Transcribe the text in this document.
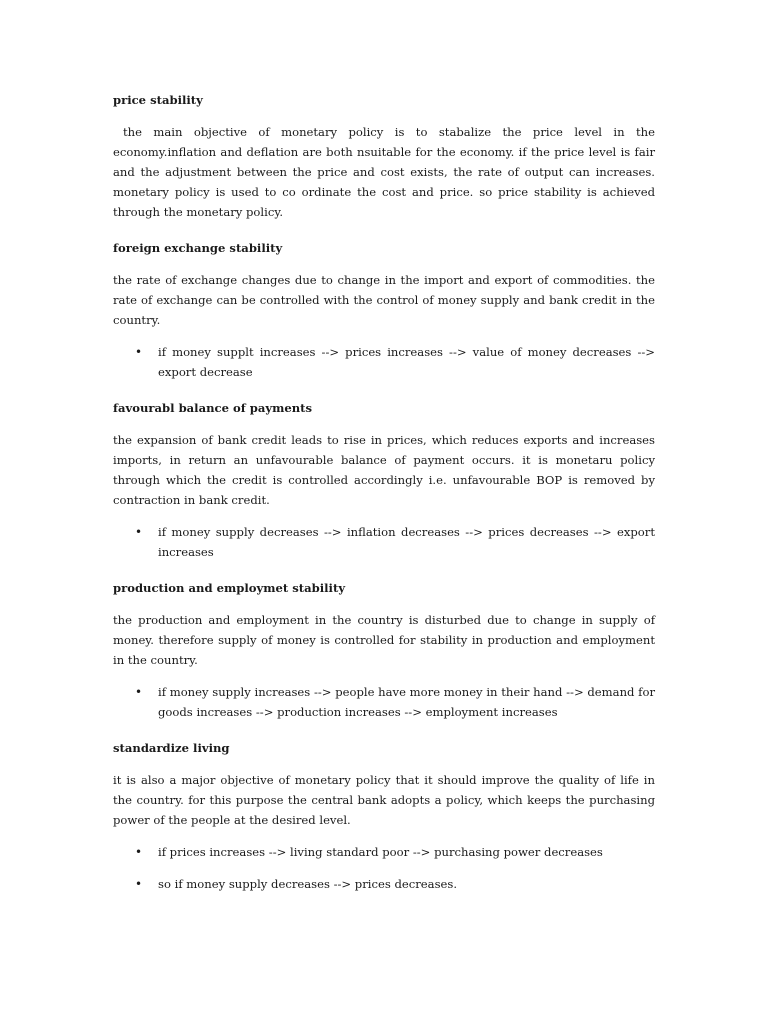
price stability
the main objective of monetary policy is to stabalize the price level in the economy.inflation and deflation are both nsuitable for the economy. if the price level is fair and the adjustment between the price and cost exists, the rate of output can increases. monetary policy is used to co ordinate the cost and price. so price stability is achieved through the monetary policy.
foreign exchange stability
the rate of exchange changes due to change in the import and export of commodities. the rate of exchange can be controlled with the control of money supply and bank credit in the country.
• if money supplt increases --> prices increases --> value of money decreases --> export decrease
favourabl balance of payments
the expansion of bank credit leads to rise in prices, which reduces exports and increases imports, in return an unfavourable balance of payment occurs. it is monetaru policy through which the credit is controlled accordingly i.e. unfavourable BOP is removed by contraction in bank credit.
• if money supply decreases --> inflation decreases --> prices decreases --> export increases
production and employmet stability
the production and employment in the country is disturbed due to change in supply of money. therefore supply of money is controlled for stability in production and employment in the country.
• if money supply increases --> people have more money in their hand --> demand for goods increases --> production increases --> employment increases
standardize living
it is also a major objective of monetary policy that it should improve the quality of life in the country. for this purpose the central bank adopts a policy, which keeps the purchasing power of the people at the desired level.
• if prices increases --> living standard poor --> purchasing power decreases
• so if money supply decreases --> prices decreases.
